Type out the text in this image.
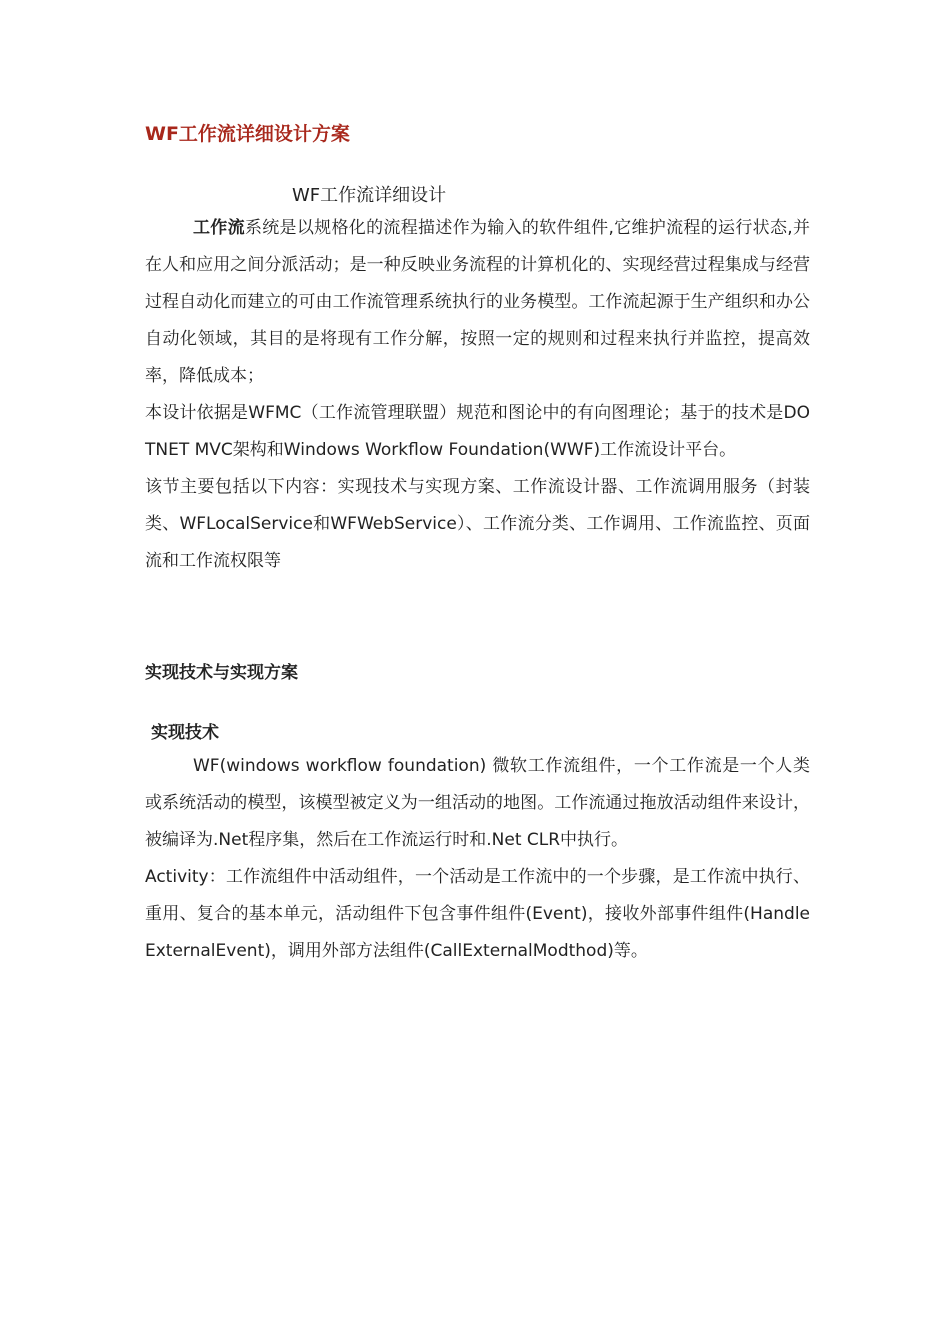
WF工作流详细设计方案
WF工作流详细设计

工作流系统是以规格化的流程描述作为输入的软件组件,它维护流程的运行状态,并在人和应用之间分派活动；是一种反映业务流程的计算机化的、实现经营过程集成与经营过程自动化而建立的可由工作流管理系统执行的业务模型。工作流起源于生产组织和办公自动化领域，其目的是将现有工作分解，按照一定的规则和过程来执行并监控，提高效率，降低成本；

本设计依据是WFMC（工作流管理联盟）规范和图论中的有向图理论；基于的技术是DOTNET MVC架构和Windows Workflow Foundation(WWF)工作流设计平台。

该节主要包括以下内容：实现技术与实现方案、工作流设计器、工作流调用服务（封装类、WFLocalService和WFWebService）、工作流分类、工作调用、工作流监控、页面流和工作流权限等

实现技术与实现方案
实现技术

WF(windows workflow foundation) 微软工作流组件，一个工作流是一个人类或系统活动的模型，该模型被定义为一组活动的地图。工作流通过拖放活动组件来设计，被编译为.Net程序集，然后在工作流运行时和.Net CLR中执行。

Activity：工作流组件中活动组件，一个活动是工作流中的一个步骤，是工作流中执行、重用、复合的基本单元，活动组件下包含事件组件(Event)，接收外部事件组件(HandleExternalEvent)，调用外部方法组件(CallExternalModthod)等。
